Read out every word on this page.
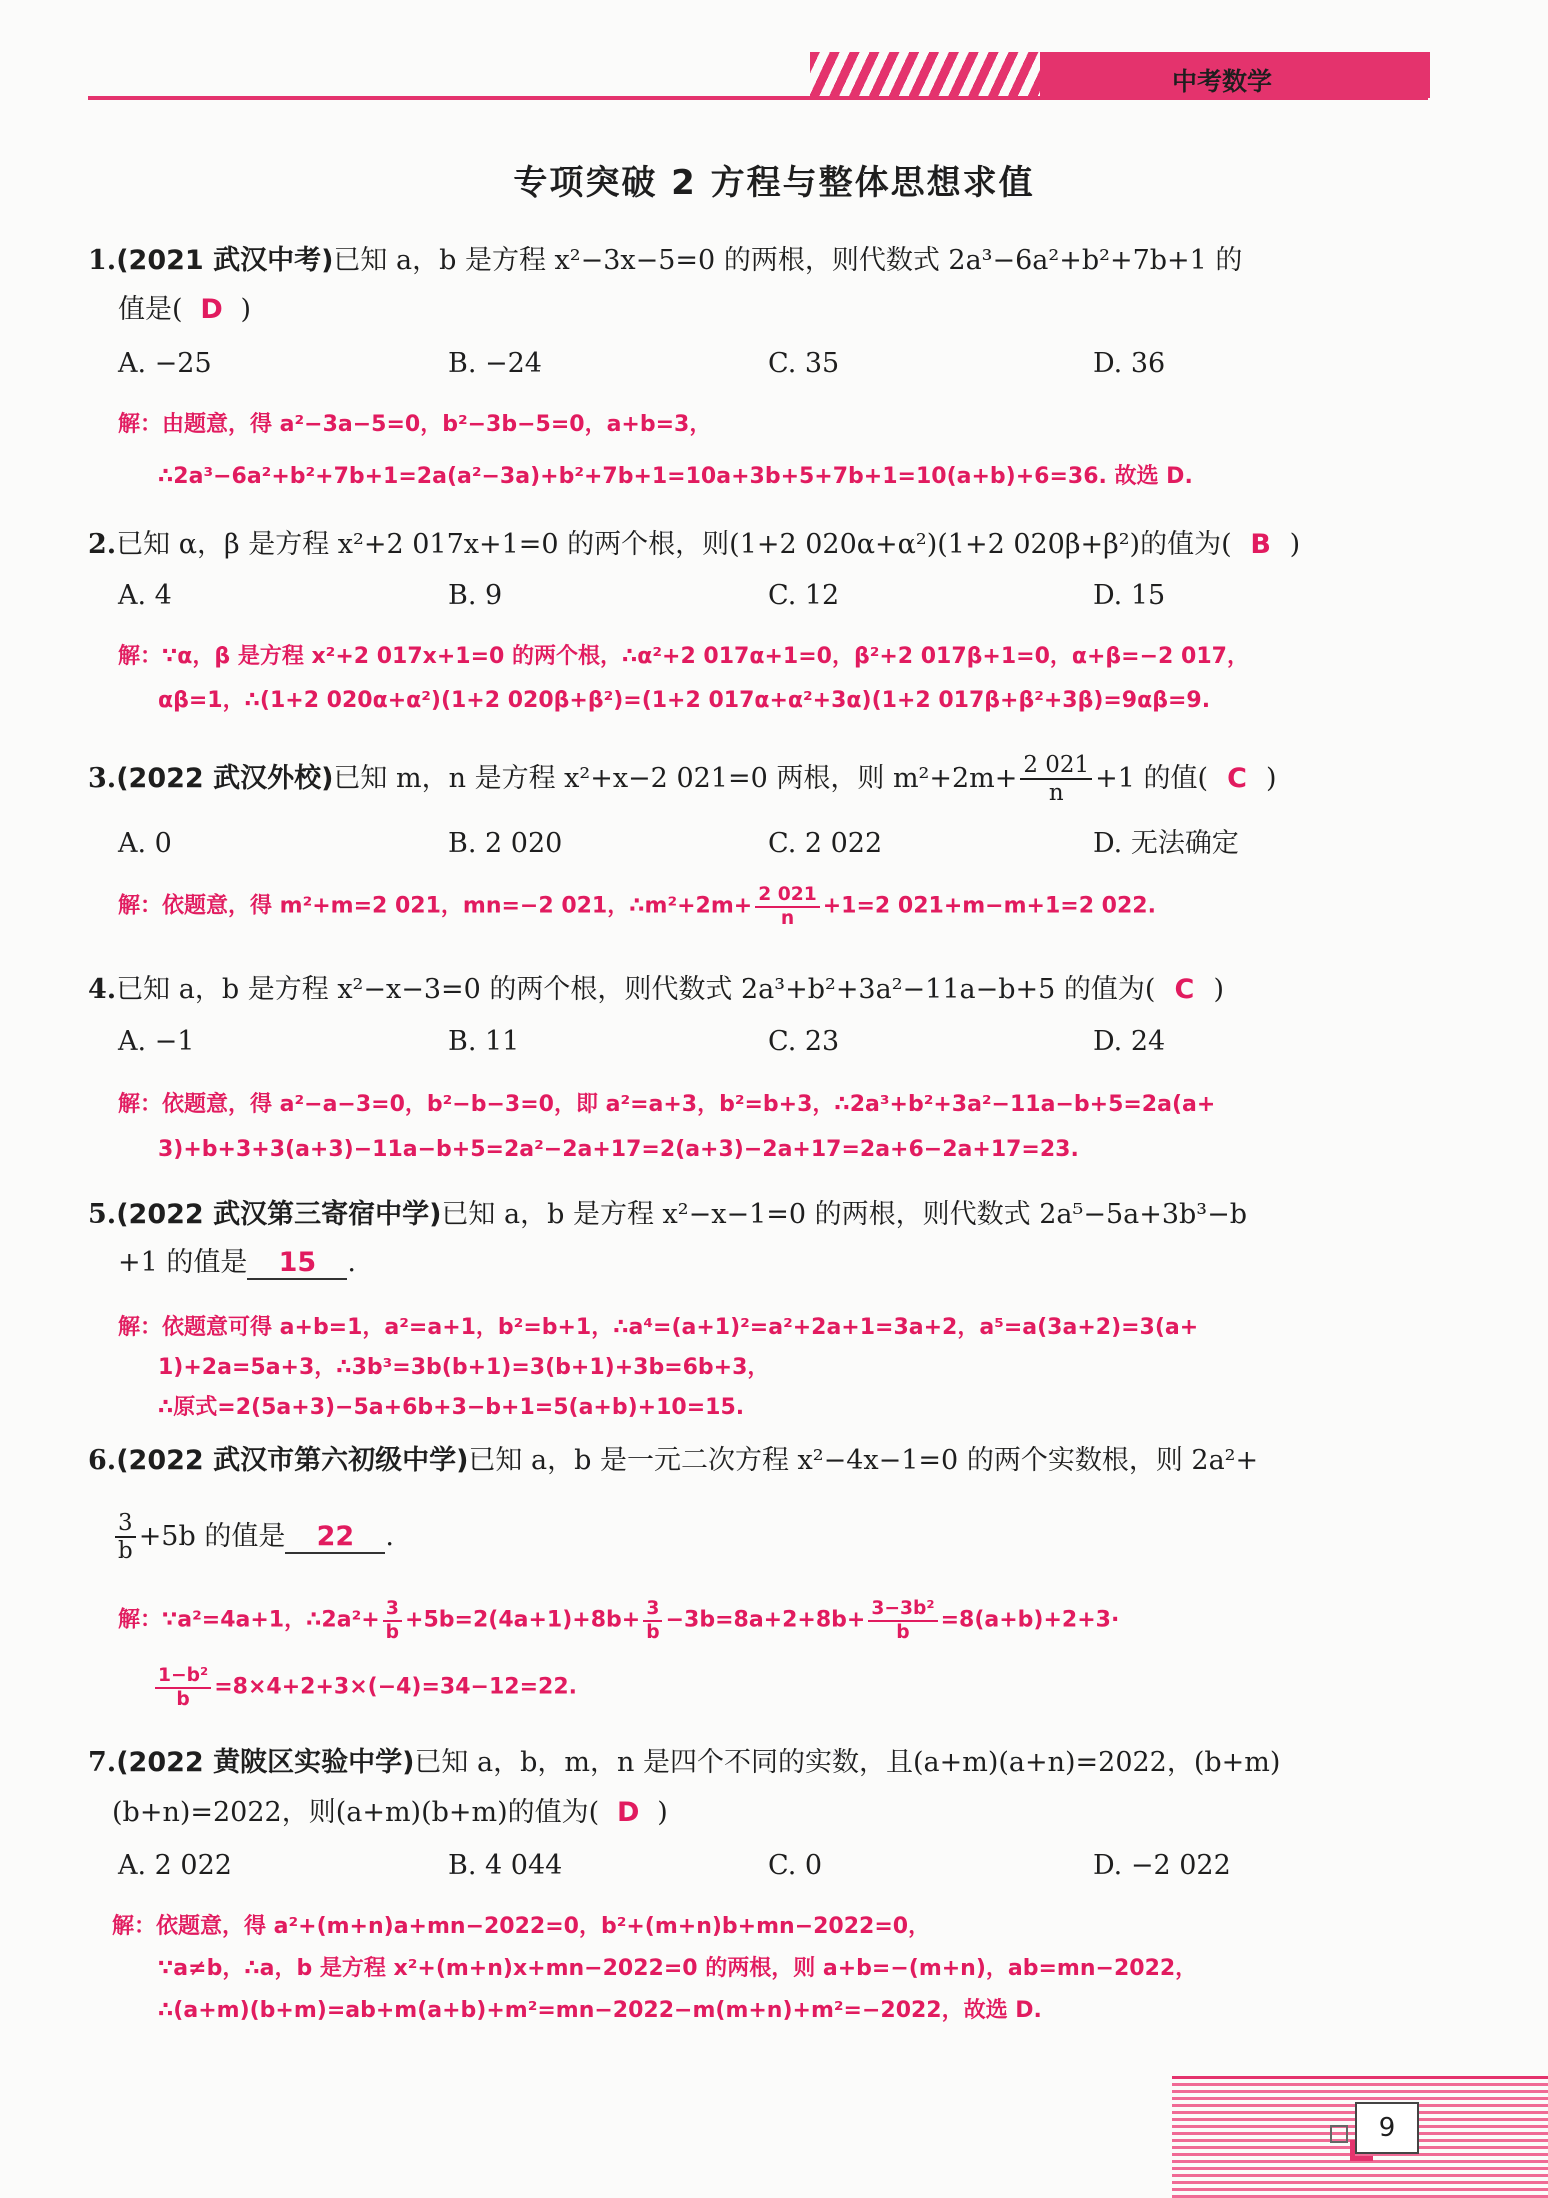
中考数学
专项突破 2 方程与整体思想求值
1.(2021 武汉中考)已知 a，b 是方程 x²−3x−5=0 的两根，则代数式 2a³−6a²+b²+7b+1 的
值是( D )
A. −25	B. −24	C. 35	D. 36
解：由题意，得 a²−3a−5=0，b²−3b−5=0，a+b=3，
∴2a³−6a²+b²+7b+1=2a(a²−3a)+b²+7b+1=10a+3b+5+7b+1=10(a+b)+6=36. 故选 D.
2.已知 α，β 是方程 x²+2 017x+1=0 的两个根，则(1+2 020α+α²)(1+2 020β+β²)的值为( B )
A. 4	B. 9	C. 12	D. 15
解：∵α，β 是方程 x²+2 017x+1=0 的两个根，∴α²+2 017α+1=0，β²+2 017β+1=0，α+β=−2 017，
αβ=1，∴(1+2 020α+α²)(1+2 020β+β²)=(1+2 017α+α²+3α)(1+2 017β+β²+3β)=9αβ=9.
3.(2022 武汉外校)已知 m，n 是方程 x²+x−2 021=0 两根，则 $m^2+2m+ \frac{2 021}{n} +1$ 的值( C )
A. 0	B. 2 020	C. 2 022	D. 无法确定
解：依题意，得 m²+m=2 021，mn=−2 021，∴m²+2m+ $\frac{2 021}{n} +1=2$ 021+m−m+1=2 022.
4.已知 a，b 是方程 x²−x−3=0 的两个根，则代数式 2a³+b²+3a²−11a−b+5 的值为( C )
A. −1	B. 11	C. 23	D. 24
解：依题意，得 a²−a−3=0，b²−b−3=0，即 a²=a+3，b²=b+3，∴2a³+b²+3a²−11a−b+5=2a(a+
3)+b+3+3(a+3)−11a−b+5=2a²−2a+17=2(a+3)−2a+17=2a+6−2a+17=23.
5.(2022 武汉第三寄宿中学)已知 a，b 是方程 x²−x−1=0 的两根，则代数式 2a⁵−5a+3b³−b
+1 的值是 15 .
解：依题意可得 a+b=1，a²=a+1，b²=b+1，∴a⁴=(a+1)²=a²+2a+1=3a+2，a⁵=a(3a+2)=3(a+
1)+2a=5a+3，∴3b³=3b(b+1)=3(b+1)+3b=6b+3，
∴原式=2(5a+3)−5a+6b+3−b+1=5(a+b)+10=15.
6.(2022 武汉市第六初级中学)已知 a，b 是一元二次方程 x²−4x−1=0 的两个实数根，则 2a²+
$\frac{3}{b} +5b$ 的值是 22 .
解：∵a²=4a+1，∴2a²+ $\frac{3}{b} +5b=2(4a+1)+8b+ \frac{3}{b} -3b=8a+2+8b+ \frac{\text{3−3b²}}{b} =8(a+b)+2+3\cdot$
$\frac{\text{1−b²}}{b} =8\times 4+2+3\times(-4)=34-12=22$.
7.(2022 黄陂区实验中学)已知 a，b，m，n 是四个不同的实数，且(a+m)(a+n)=2022，(b+m)
(b+n)=2022，则(a+m)(b+m)的值为( D )
A. 2 022	B. 4 044	C. 0	D. −2 022
解：依题意，得 a²+(m+n)a+mn−2022=0，b²+(m+n)b+mn−2022=0，
∵a≠b，∴a，b 是方程 x²+(m+n)x+mn−2022=0 的两根，则 a+b=−(m+n)，ab=mn−2022，
∴(a+m)(b+m)=ab+m(a+b)+m²=mn−2022−m(m+n)+m²=−2022，故选 D.
9
